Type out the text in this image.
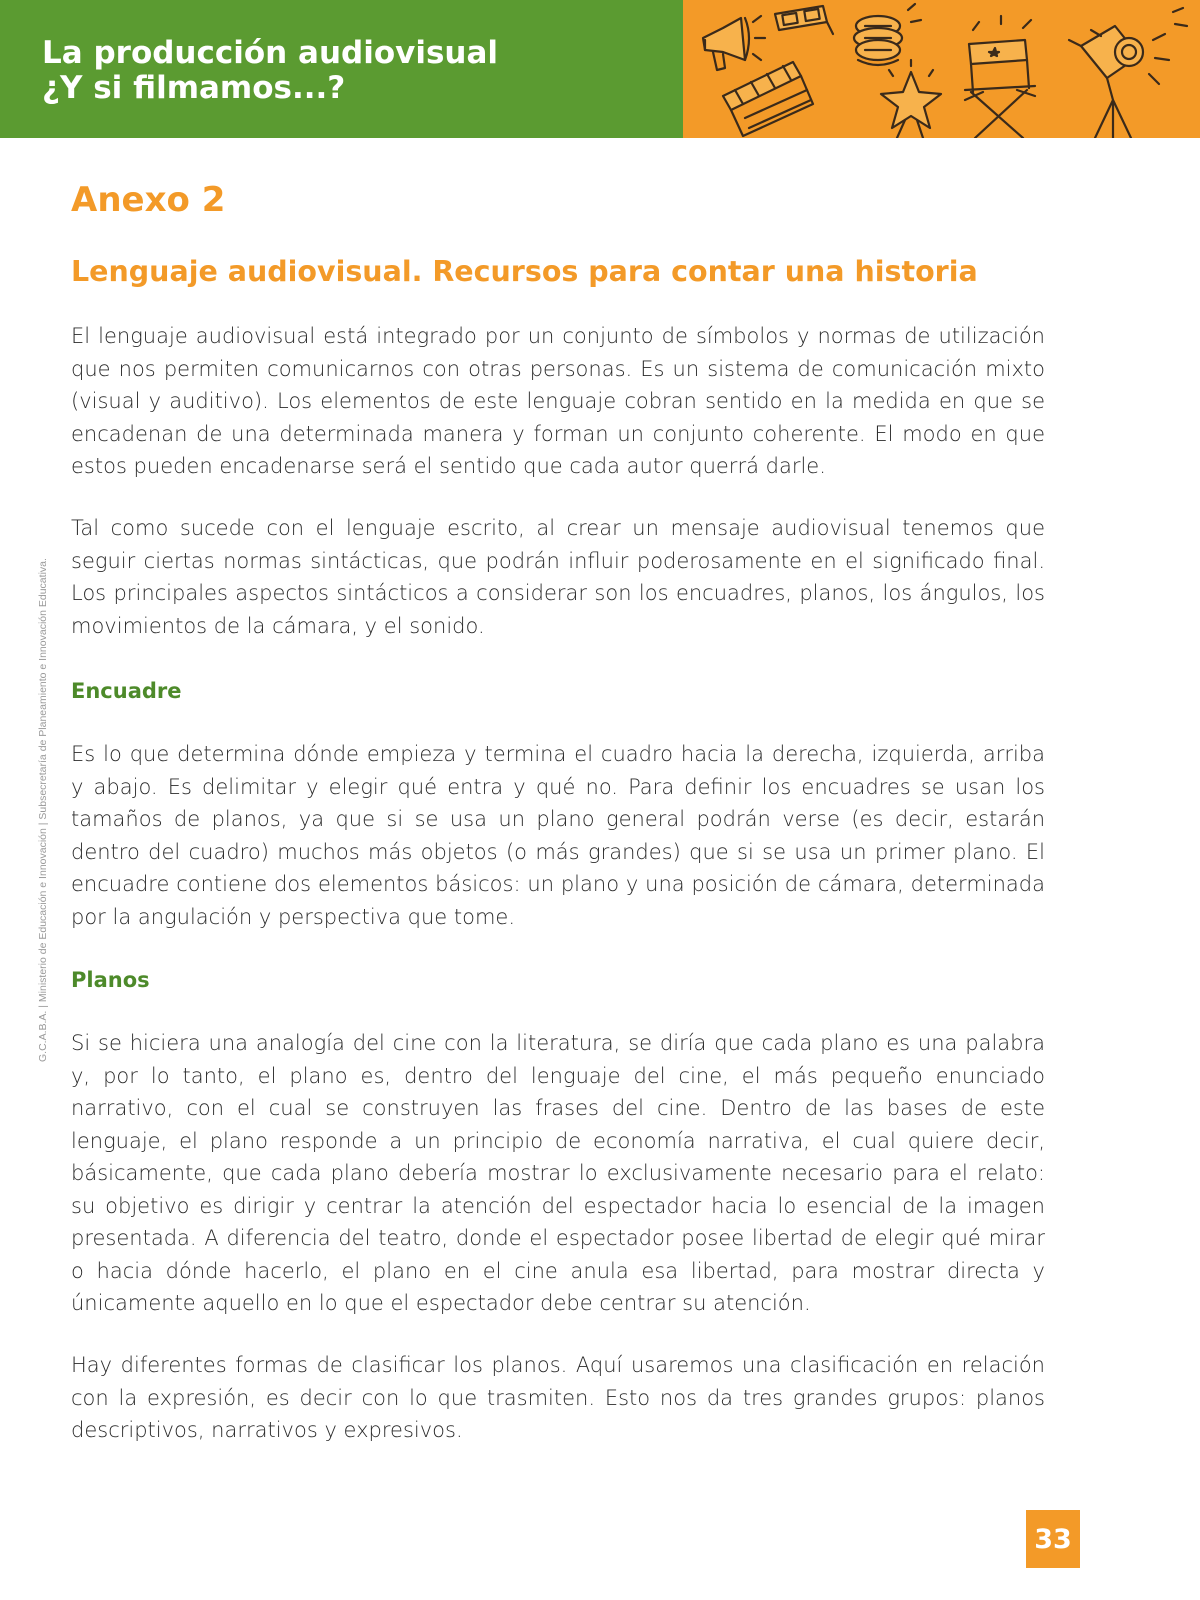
La producción audiovisual
¿Y si filmamos...?
G.C.A.B.A. | Ministerio de Educación e Innovación | Subsecretaría de Planeamiento e Innovación Educativa.
Anexo 2
Lenguaje audiovisual. Recursos para contar una historia

El lenguaje audiovisual está integrado por un conjunto de símbolos y normas de utilización que nos permiten comunicarnos con otras personas. Es un sistema de comunicación mixto (visual y auditivo). Los elementos de este lenguaje cobran sentido en la medida en que se encadenan de una determinada manera y forman un conjunto coherente. El modo en que estos pueden encadenarse será el sentido que cada autor querrá darle.

Tal como sucede con el lenguaje escrito, al crear un mensaje audiovisual tenemos que seguir ciertas normas sintácticas, que podrán influir poderosamente en el significado final. Los principales aspectos sintácticos a considerar son los encuadres, planos, los ángulos, los movimientos de la cámara, y el sonido.

Encuadre

Es lo que determina dónde empieza y termina el cuadro hacia la derecha, izquierda, arriba y abajo. Es delimitar y elegir qué entra y qué no. Para definir los encuadres se usan los tamaños de planos, ya que si se usa un plano general podrán verse (es decir, estarán dentro del cuadro) muchos más objetos (o más grandes) que si se usa un primer plano. El encuadre contiene dos elementos básicos: un plano y una posición de cámara, determinada por la angulación y perspectiva que tome.

Planos

Si se hiciera una analogía del cine con la literatura, se diría que cada plano es una palabra y, por lo tanto, el plano es, dentro del lenguaje del cine, el más pequeño enunciado narrativo, con el cual se construyen las frases del cine. Dentro de las bases de este lenguaje, el plano responde a un principio de economía narrativa, el cual quiere decir, básicamente, que cada plano debería mostrar lo exclusivamente necesario para el relato: su objetivo es dirigir y centrar la atención del espectador hacia lo esencial de la imagen presentada. A diferencia del teatro, donde el espectador posee libertad de elegir qué mirar o hacia dónde hacerlo, el plano en el cine anula esa libertad, para mostrar directa y únicamente aquello en lo que el espectador debe centrar su atención.

Hay diferentes formas de clasificar los planos. Aquí usaremos una clasificación en relación con la expresión, es decir con lo que trasmiten. Esto nos da tres grandes grupos: planos descriptivos, narrativos y expresivos.

33
